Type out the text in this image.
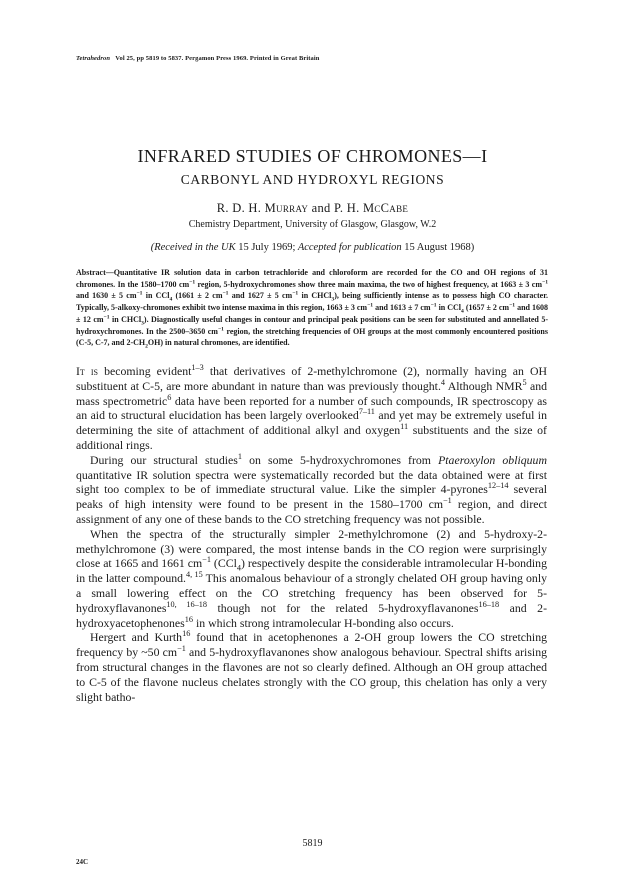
Tetrahedron Vol 25, pp 5819 to 5837. Pergamon Press 1969. Printed in Great Britain
INFRARED STUDIES OF CHROMONES—I
CARBONYL AND HYDROXYL REGIONS
R. D. H. Murray and P. H. McCabe
Chemistry Department, University of Glasgow, Glasgow, W.2
(Received in the UK 15 July 1969; Accepted for publication 15 August 1968)
Abstract—Quantitative IR solution data in carbon tetrachloride and chloroform are recorded for the CO and OH regions of 31 chromones. In the 1580–1700 $cm^{-1}$ region, 5-hydroxychromones show three main maxima, the two of highest frequency, at 1663 ± 3 $cm^{-1}$ and 1630 ± 5 $cm^{-1}$ in CCl$_4$ (1661 ± 2 $cm^{-1}$ and 1627 ± 5 $cm^{-1}$ in CHCl$_3$), being sufficiently intense as to possess high CO character. Typically, 5-alkoxy-chromones exhibit two intense maxima in this region, 1663 ± 3 $cm^{-1}$ and 1613 ± 7 $cm^{-1}$ in CCl$_4$ (1657 ± 2 $cm^{-1}$ and 1608 ± 12 $cm^{-1}$ in CHCl$_3$). Diagnostically useful changes in contour and principal peak positions can be seen for substituted and annellated 5-hydroxychromones. In the 2500–3650 $cm^{-1}$ region, the stretching frequencies of OH groups at the most commonly encountered positions (C-5, C-7, and $2-CH_2OH$) in natural chromones, are identified.

It is becoming evident$^{1-3}$ that derivatives of 2-methylchromone (2), normally having an OH substituent at C-5, are more abundant in nature than was previously thought.$^4$ Although NMR$^5$ and mass spectrometric$^6$ data have been reported for a number of such compounds, IR spectroscopy as an aid to structural elucidation has been largely overlooked$^{7-11}$ and yet may be extremely useful in determining the site of attachment of additional alkyl and oxygen$^{11}$ substituents and the size of additional rings.

During our structural studies$^1$ on some 5-hydroxychromones from Ptaeroxylon obliquum quantitative IR solution spectra were systematically recorded but the data obtained were at first sight too complex to be of immediate structural value. Like the simpler 4-pyrones$^{12-14}$ several peaks of high intensity were found to be present in the 1580–1700 $cm^{-1}$ region, and direct assignment of any one of these bands to the CO stretching frequency was not possible.

When the spectra of the structurally simpler 2-methylchromone (2) and 5-hydroxy-2-methylchromone (3) were compared, the most intense bands in the CO region were surprisingly close at 1665 and 1661 $cm^{-1}$ (CCl$_4$) respectively despite the considerable intramolecular H-bonding in the latter compound.$^{4, 15}$ This anomalous behaviour of a strongly chelated OH group having only a small lowering effect on the CO stretching frequency has been observed for 5-hydroxyflavanones$^{10, 16-18}$ though not for the related 5-hydroxyflavanones$^{16-18}$ and 2-hydroxyacetophenones$^{16}$ in which strong intramolecular H-bonding also occurs.

Hergert and Kurth$^{16}$ found that in acetophenones a 2-OH group lowers the CO stretching frequency by ~50 $cm^{-1}$ and 5-hydroxyflavanones show analogous behaviour. Spectral shifts arising from structural changes in the flavones are not so clearly defined. Although an OH group attached to C-5 of the flavone nucleus chelates strongly with the CO group, this chelation has only a very slight batho-

5819
24C
